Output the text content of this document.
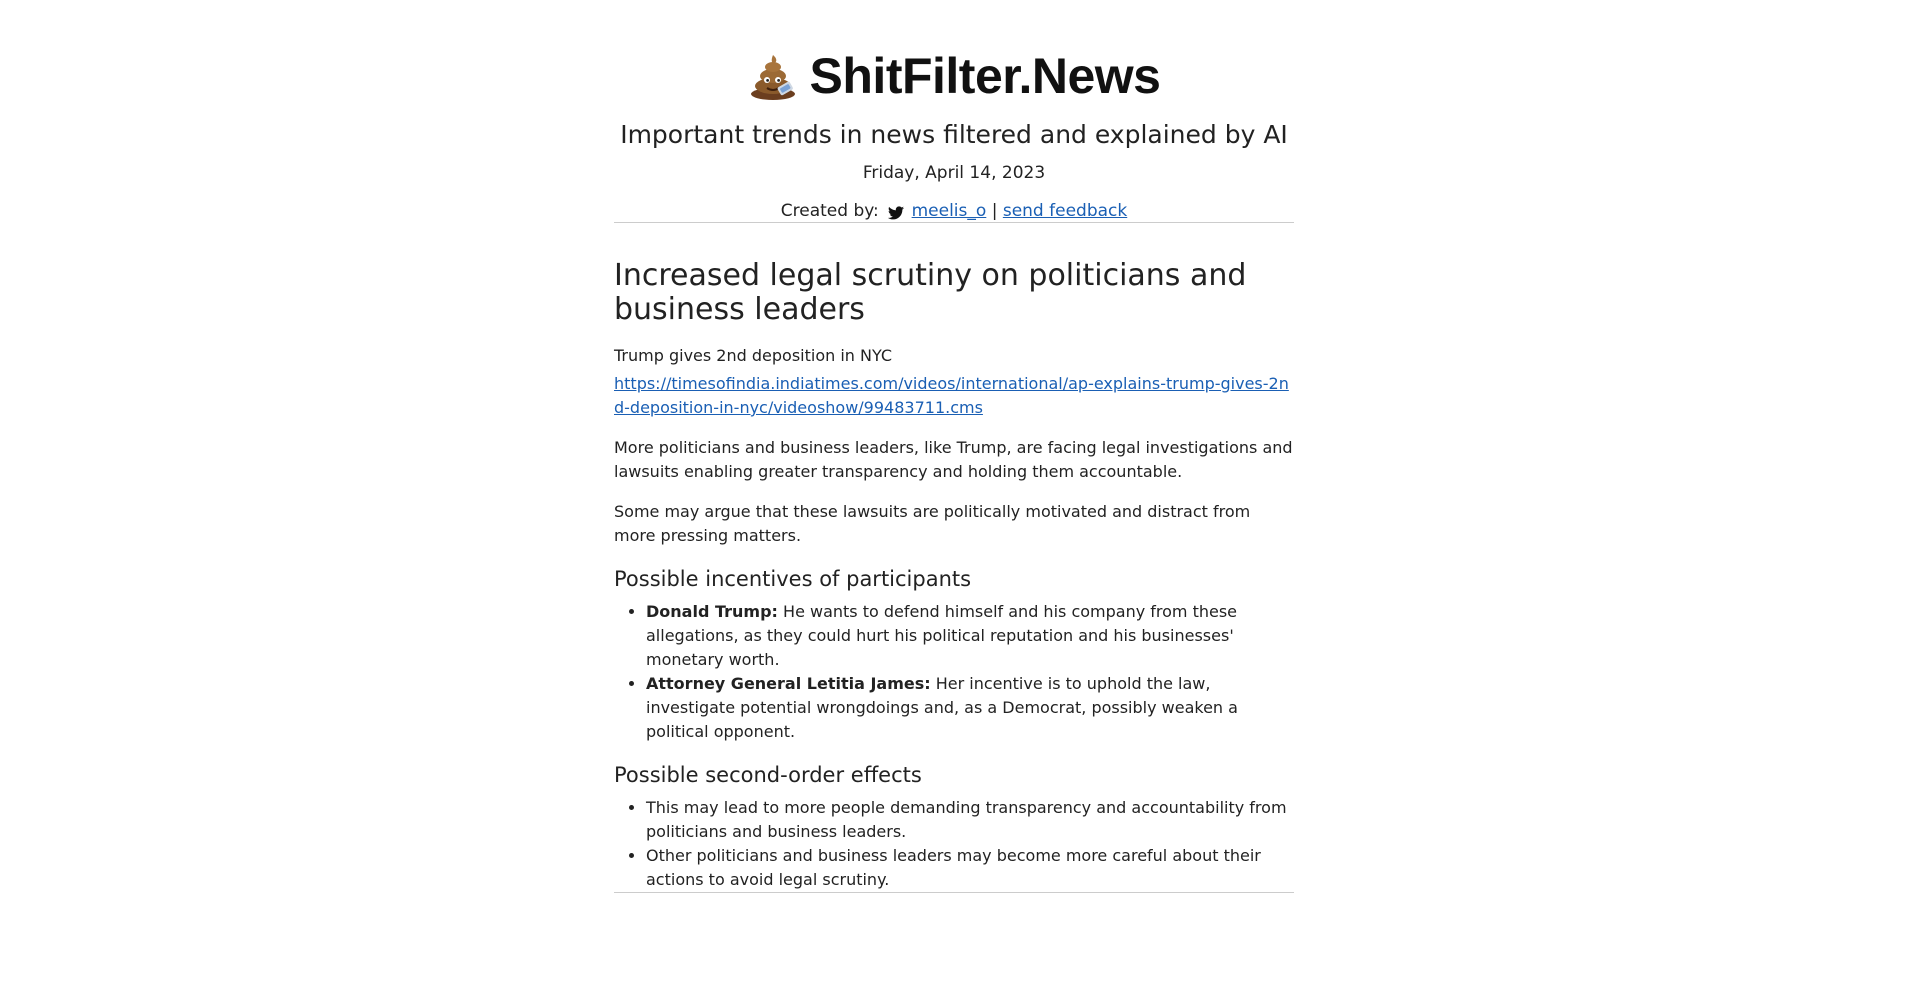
ShitFilter.News
Important trends in news filtered and explained by AI
Friday, April 14, 2023
Created by: meelis_o | send feedback
Increased legal scrutiny on politicians and business leaders
Trump gives 2nd deposition in NYC
https://timesofindia.indiatimes.com/videos/international/ap-explains-trump-gives-2nd-deposition-in-nyc/videoshow/99483711.cms

More politicians and business leaders, like Trump, are facing legal investigations and lawsuits enabling greater transparency and holding them accountable.

Some may argue that these lawsuits are politically motivated and distract from more pressing matters.

Possible incentives of participants
• Donald Trump: He wants to defend himself and his company from these allegations, as they could hurt his political reputation and his businesses' monetary worth.
• Attorney General Letitia James: Her incentive is to uphold the law, investigate potential wrongdoings and, as a Democrat, possibly weaken a political opponent.
Possible second-order effects
• This may lead to more people demanding transparency and accountability from politicians and business leaders.
• Other politicians and business leaders may become more careful about their actions to avoid legal scrutiny.
